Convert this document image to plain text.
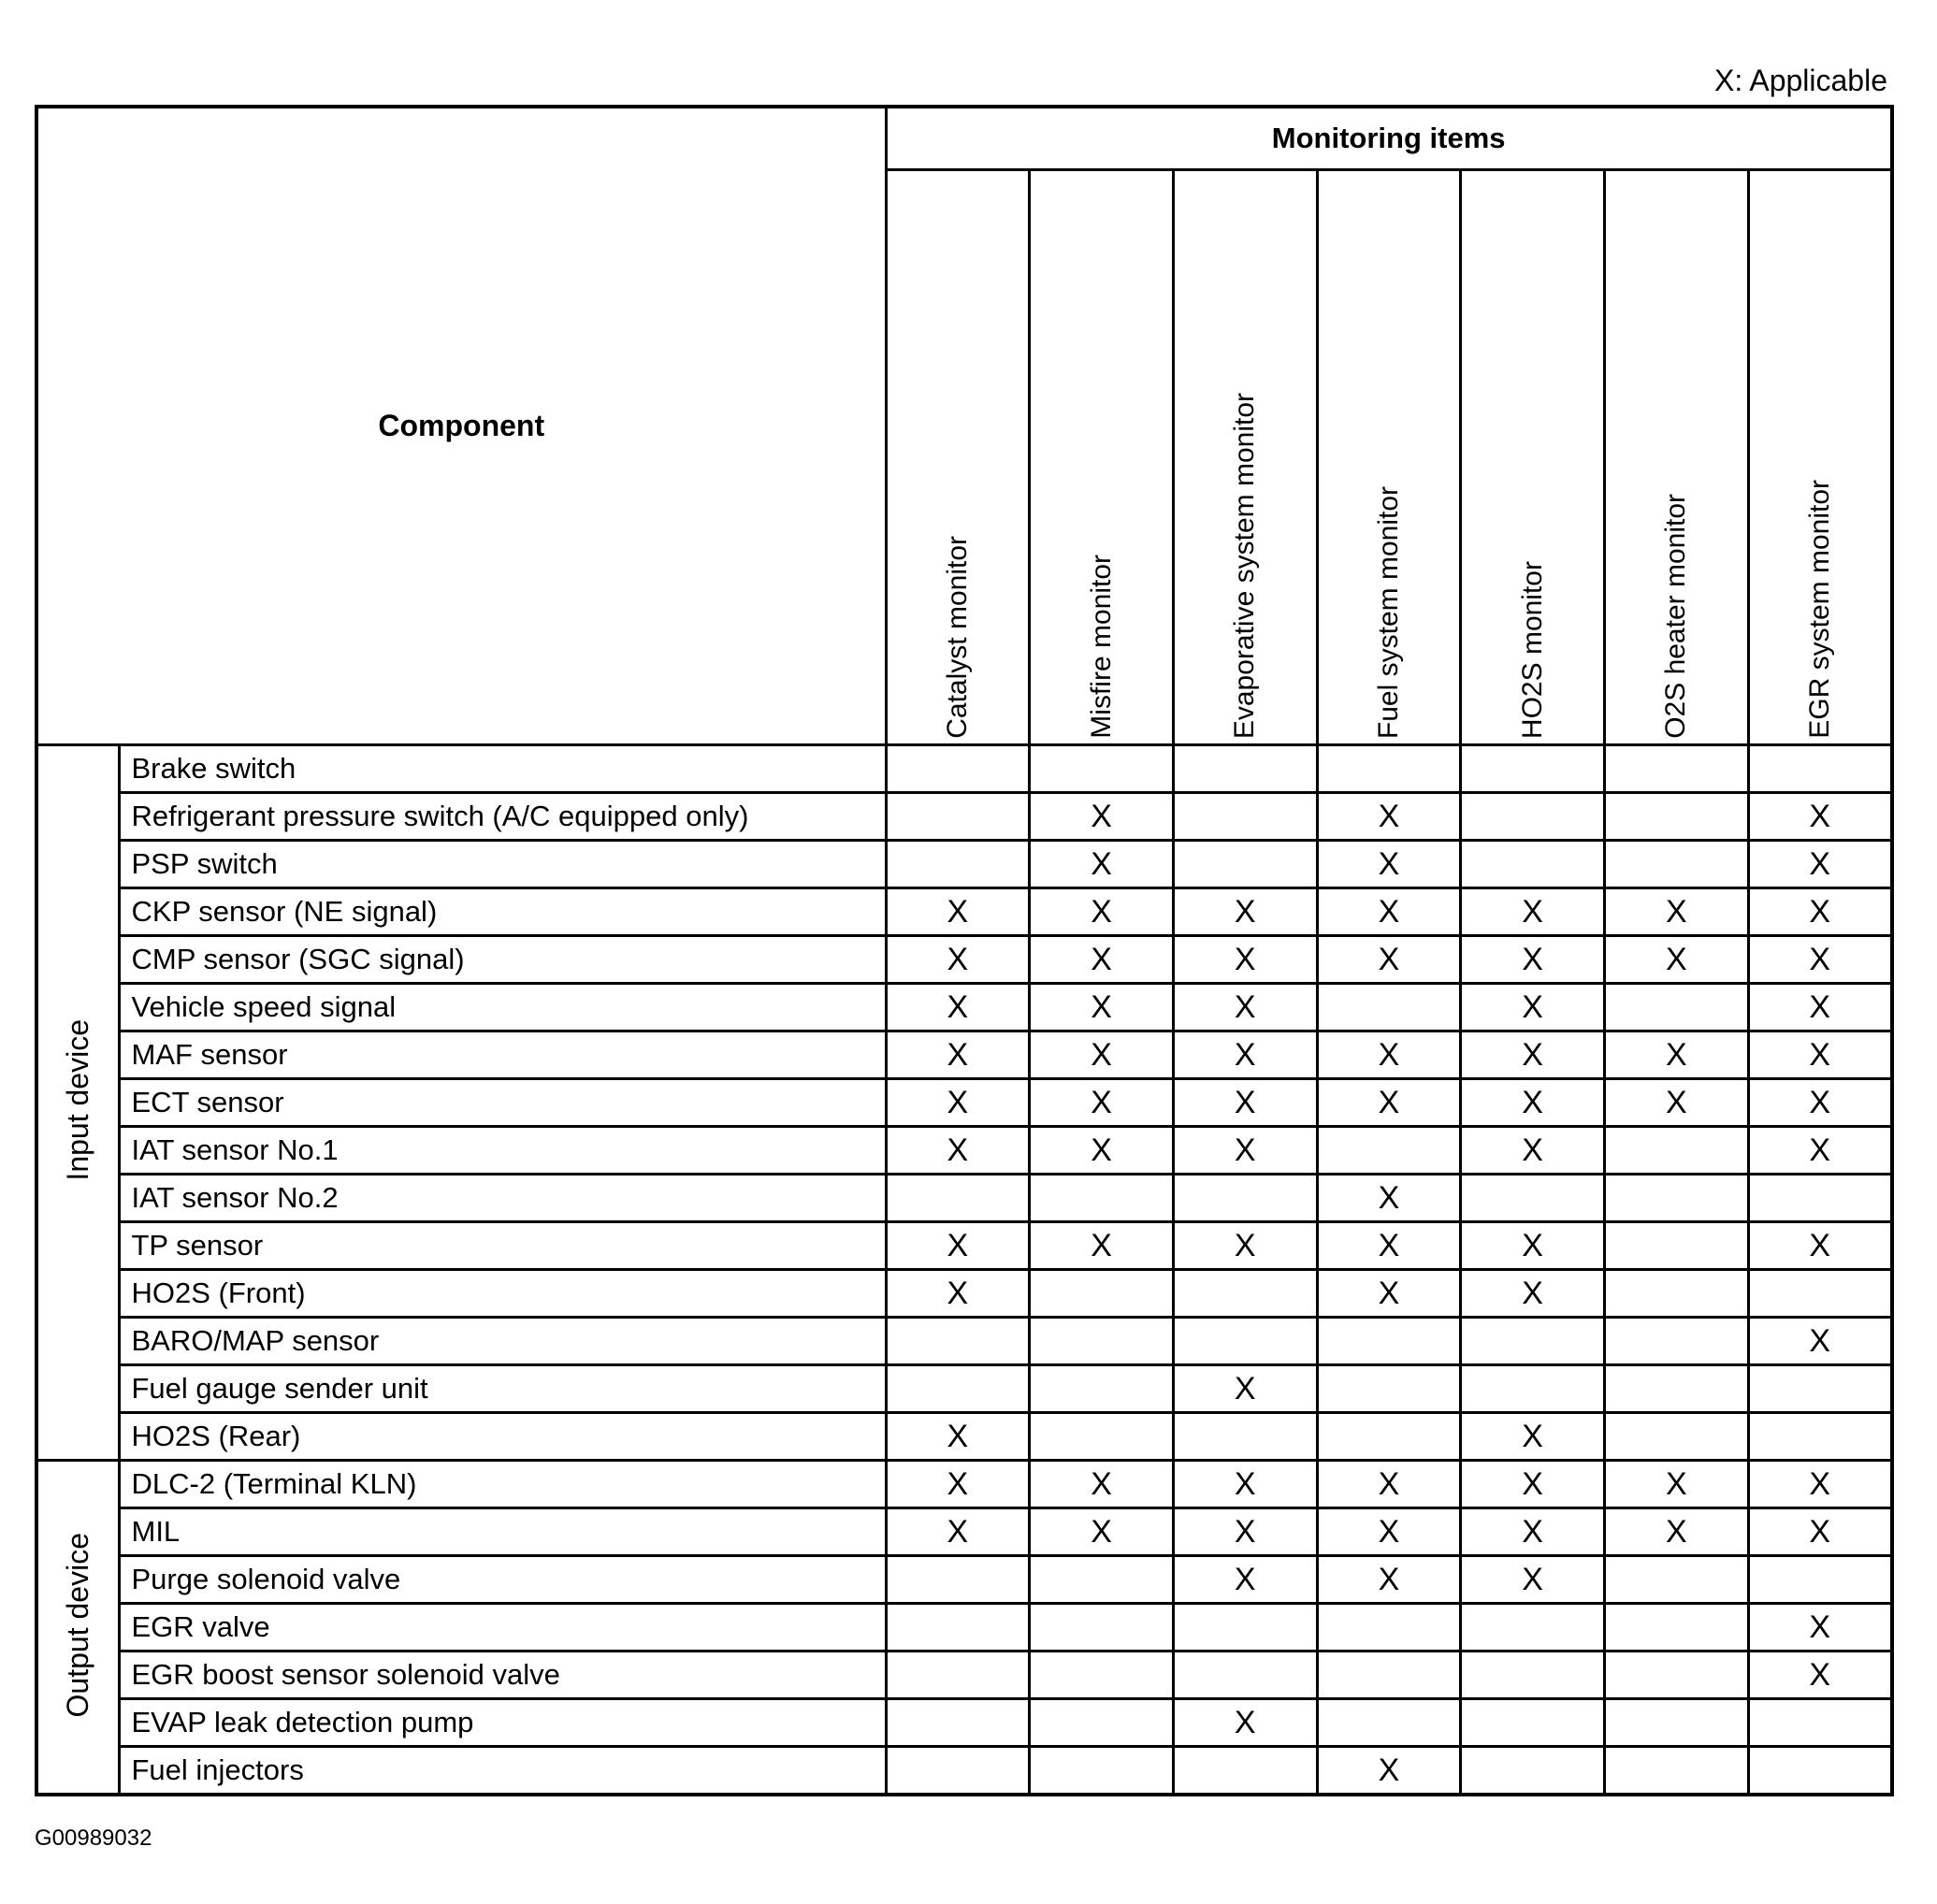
X: Applicable
Component		Monitoring items						
		Catalyst monitor	Misfire monitor	Evaporative system monitor	Fuel system monitor	HO2S monitor	O2S heater monitor	EGR system monitor
Input device	Brake switch							
	Refrigerant pressure switch (A/C equipped only)		X		X			X
	PSP switch		X		X			X
	CKP sensor (NE signal)	X	X	X	X	X	X	X
	CMP sensor (SGC signal)	X	X	X	X	X	X	X
	Vehicle speed signal	X	X	X		X		X
	MAF sensor	X	X	X	X	X	X	X
	ECT sensor	X	X	X	X	X	X	X
	IAT sensor No.1	X	X	X		X		X
	IAT sensor No.2				X			
	TP sensor	X	X	X	X	X		X
	HO2S (Front)	X			X	X		
	BARO/MAP sensor							X
	Fuel gauge sender unit			X				
	HO2S (Rear)	X				X		
Output device	DLC-2 (Terminal KLN)	X	X	X	X	X	X	X
	MIL	X	X	X	X	X	X	X
	Purge solenoid valve			X	X	X		
	EGR valve							X
	EGR boost sensor solenoid valve							X
	EVAP leak detection pump			X				
	Fuel injectors				X			
G00989032
